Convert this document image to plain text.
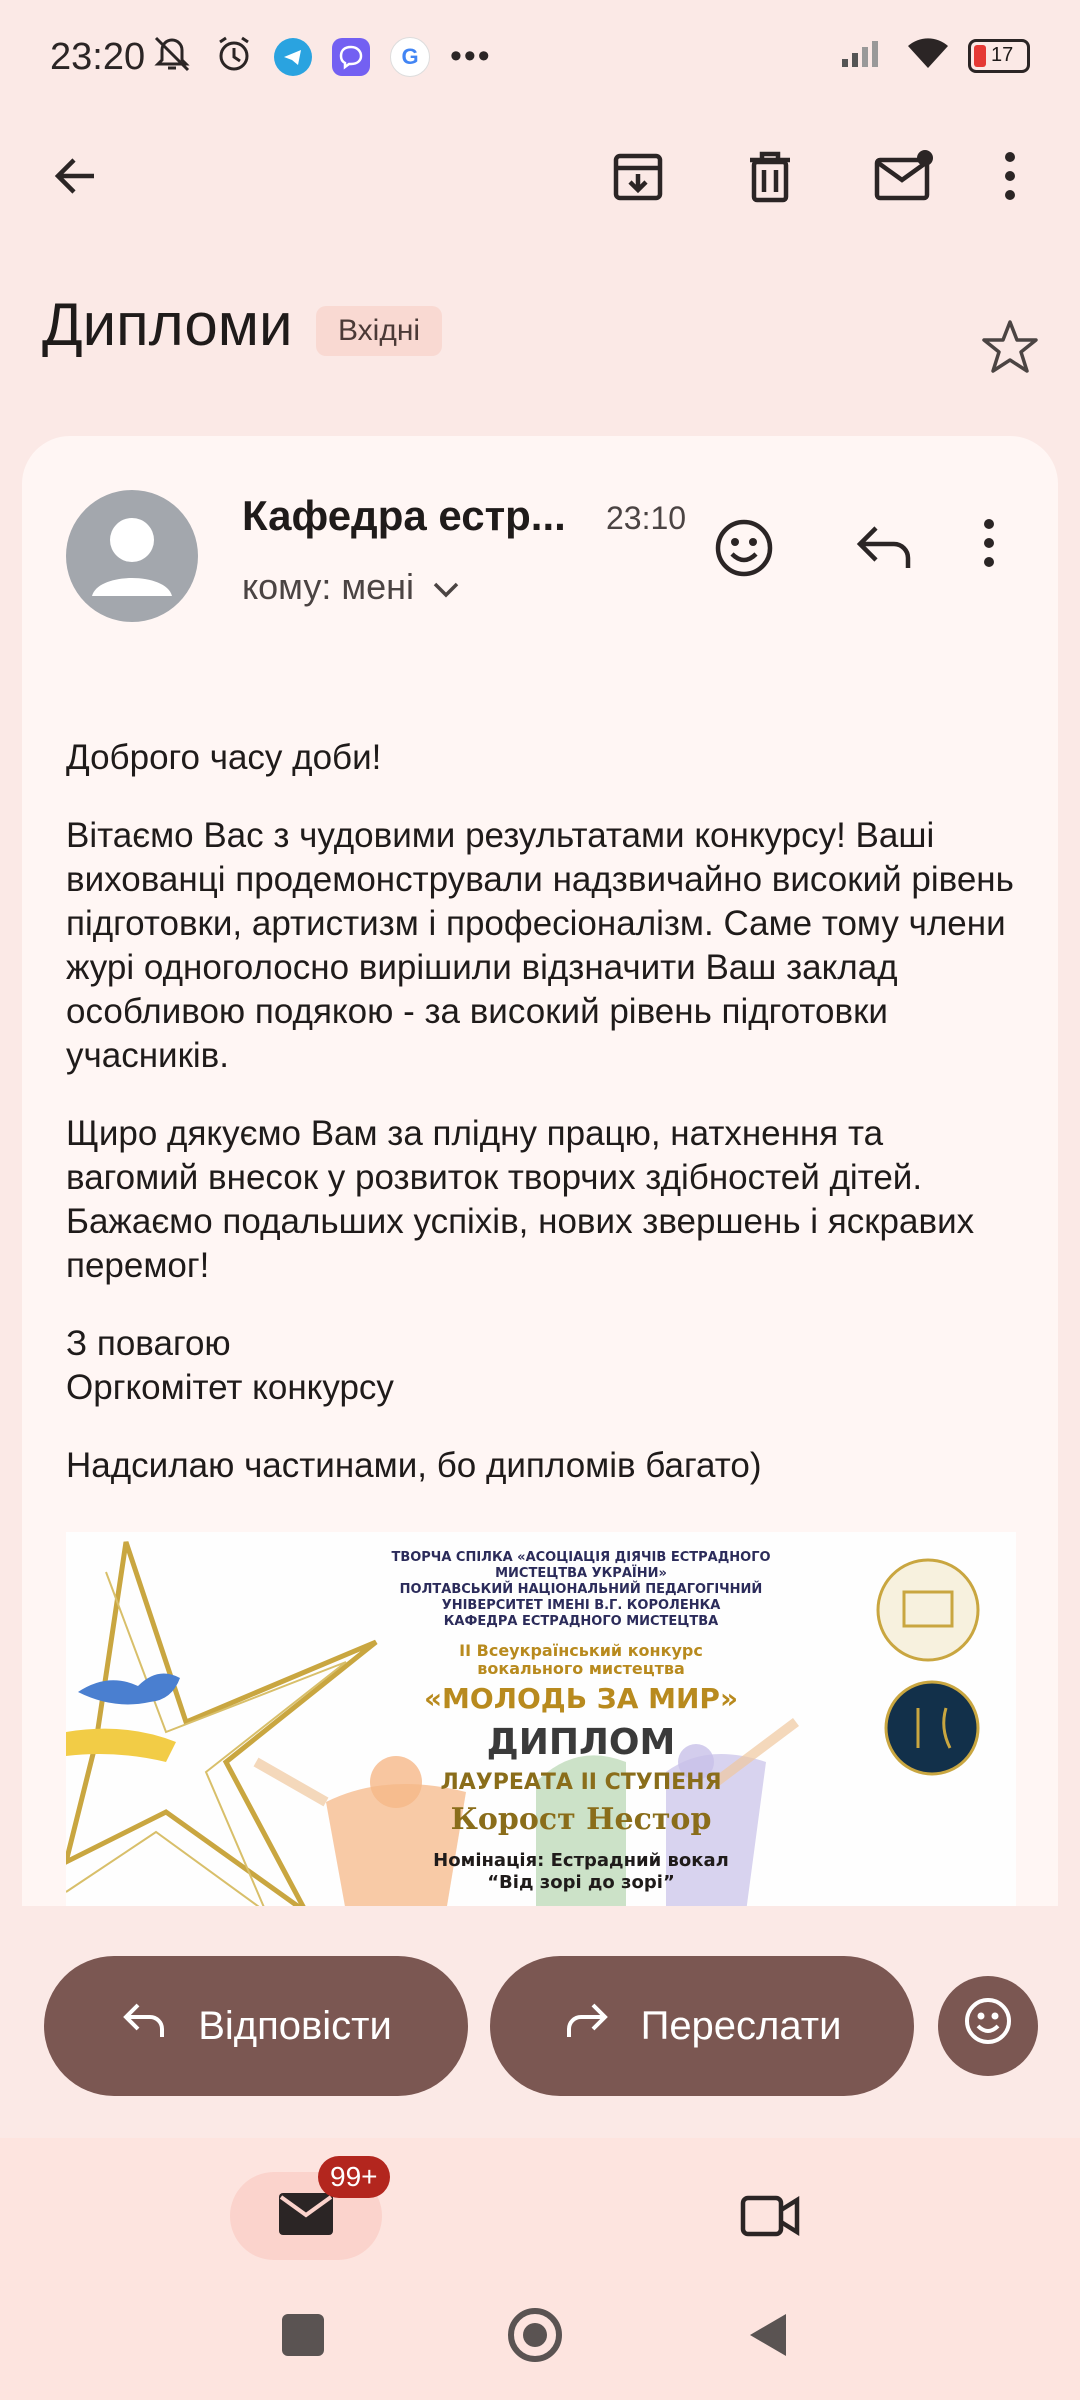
23:20	G •••	17
Дипломи	Вхідні
Кафедра естр... 23:10
кому: мені

Доброго часу доби!

Вітаємо Вас з чудовими результатами конкурсу! Ваші вихованці продемонстрували надзвичайно високий рівень підготовки, артистизм і професіоналізм. Саме тому члени журі одноголосно вирішили відзначити Ваш заклад особливою подякою - за високий рівень підготовки учасників.

Щиро дякуємо Вам за плідну працю, натхнення та вагомий внесок у розвиток творчих здібностей дітей. Бажаємо подальших успіхів, нових звершень і яскравих перемог!

З повагою
Оргкомітет конкурсу

Надсилаю частинами, бо дипломів багато)

ТВОРЧА СПІЛКА «АСОЦІАЦІЯ ДІЯЧІВ ЕСТРАДНОГО
МИСТЕЦТВА УКРАЇНИ»
ПОЛТАВСЬКИЙ НАЦІОНАЛЬНИЙ ПЕДАГОГІЧНИЙ
УНІВЕРСИТЕТ ІМЕНІ В.Г. КОРОЛЕНКА
КАФЕДРА ЕСТРАДНОГО МИСТЕЦТВА
II Всеукраїнський конкурс
вокального мистецтва
«МОЛОДЬ ЗА МИР»
ДИПЛОМ
ЛАУРЕАТА II СТУПЕНЯ
Корост Нестор
Номінація: Естрадний вокал
“Від зорі до зорі”
Відповісти	Переслати
99+
